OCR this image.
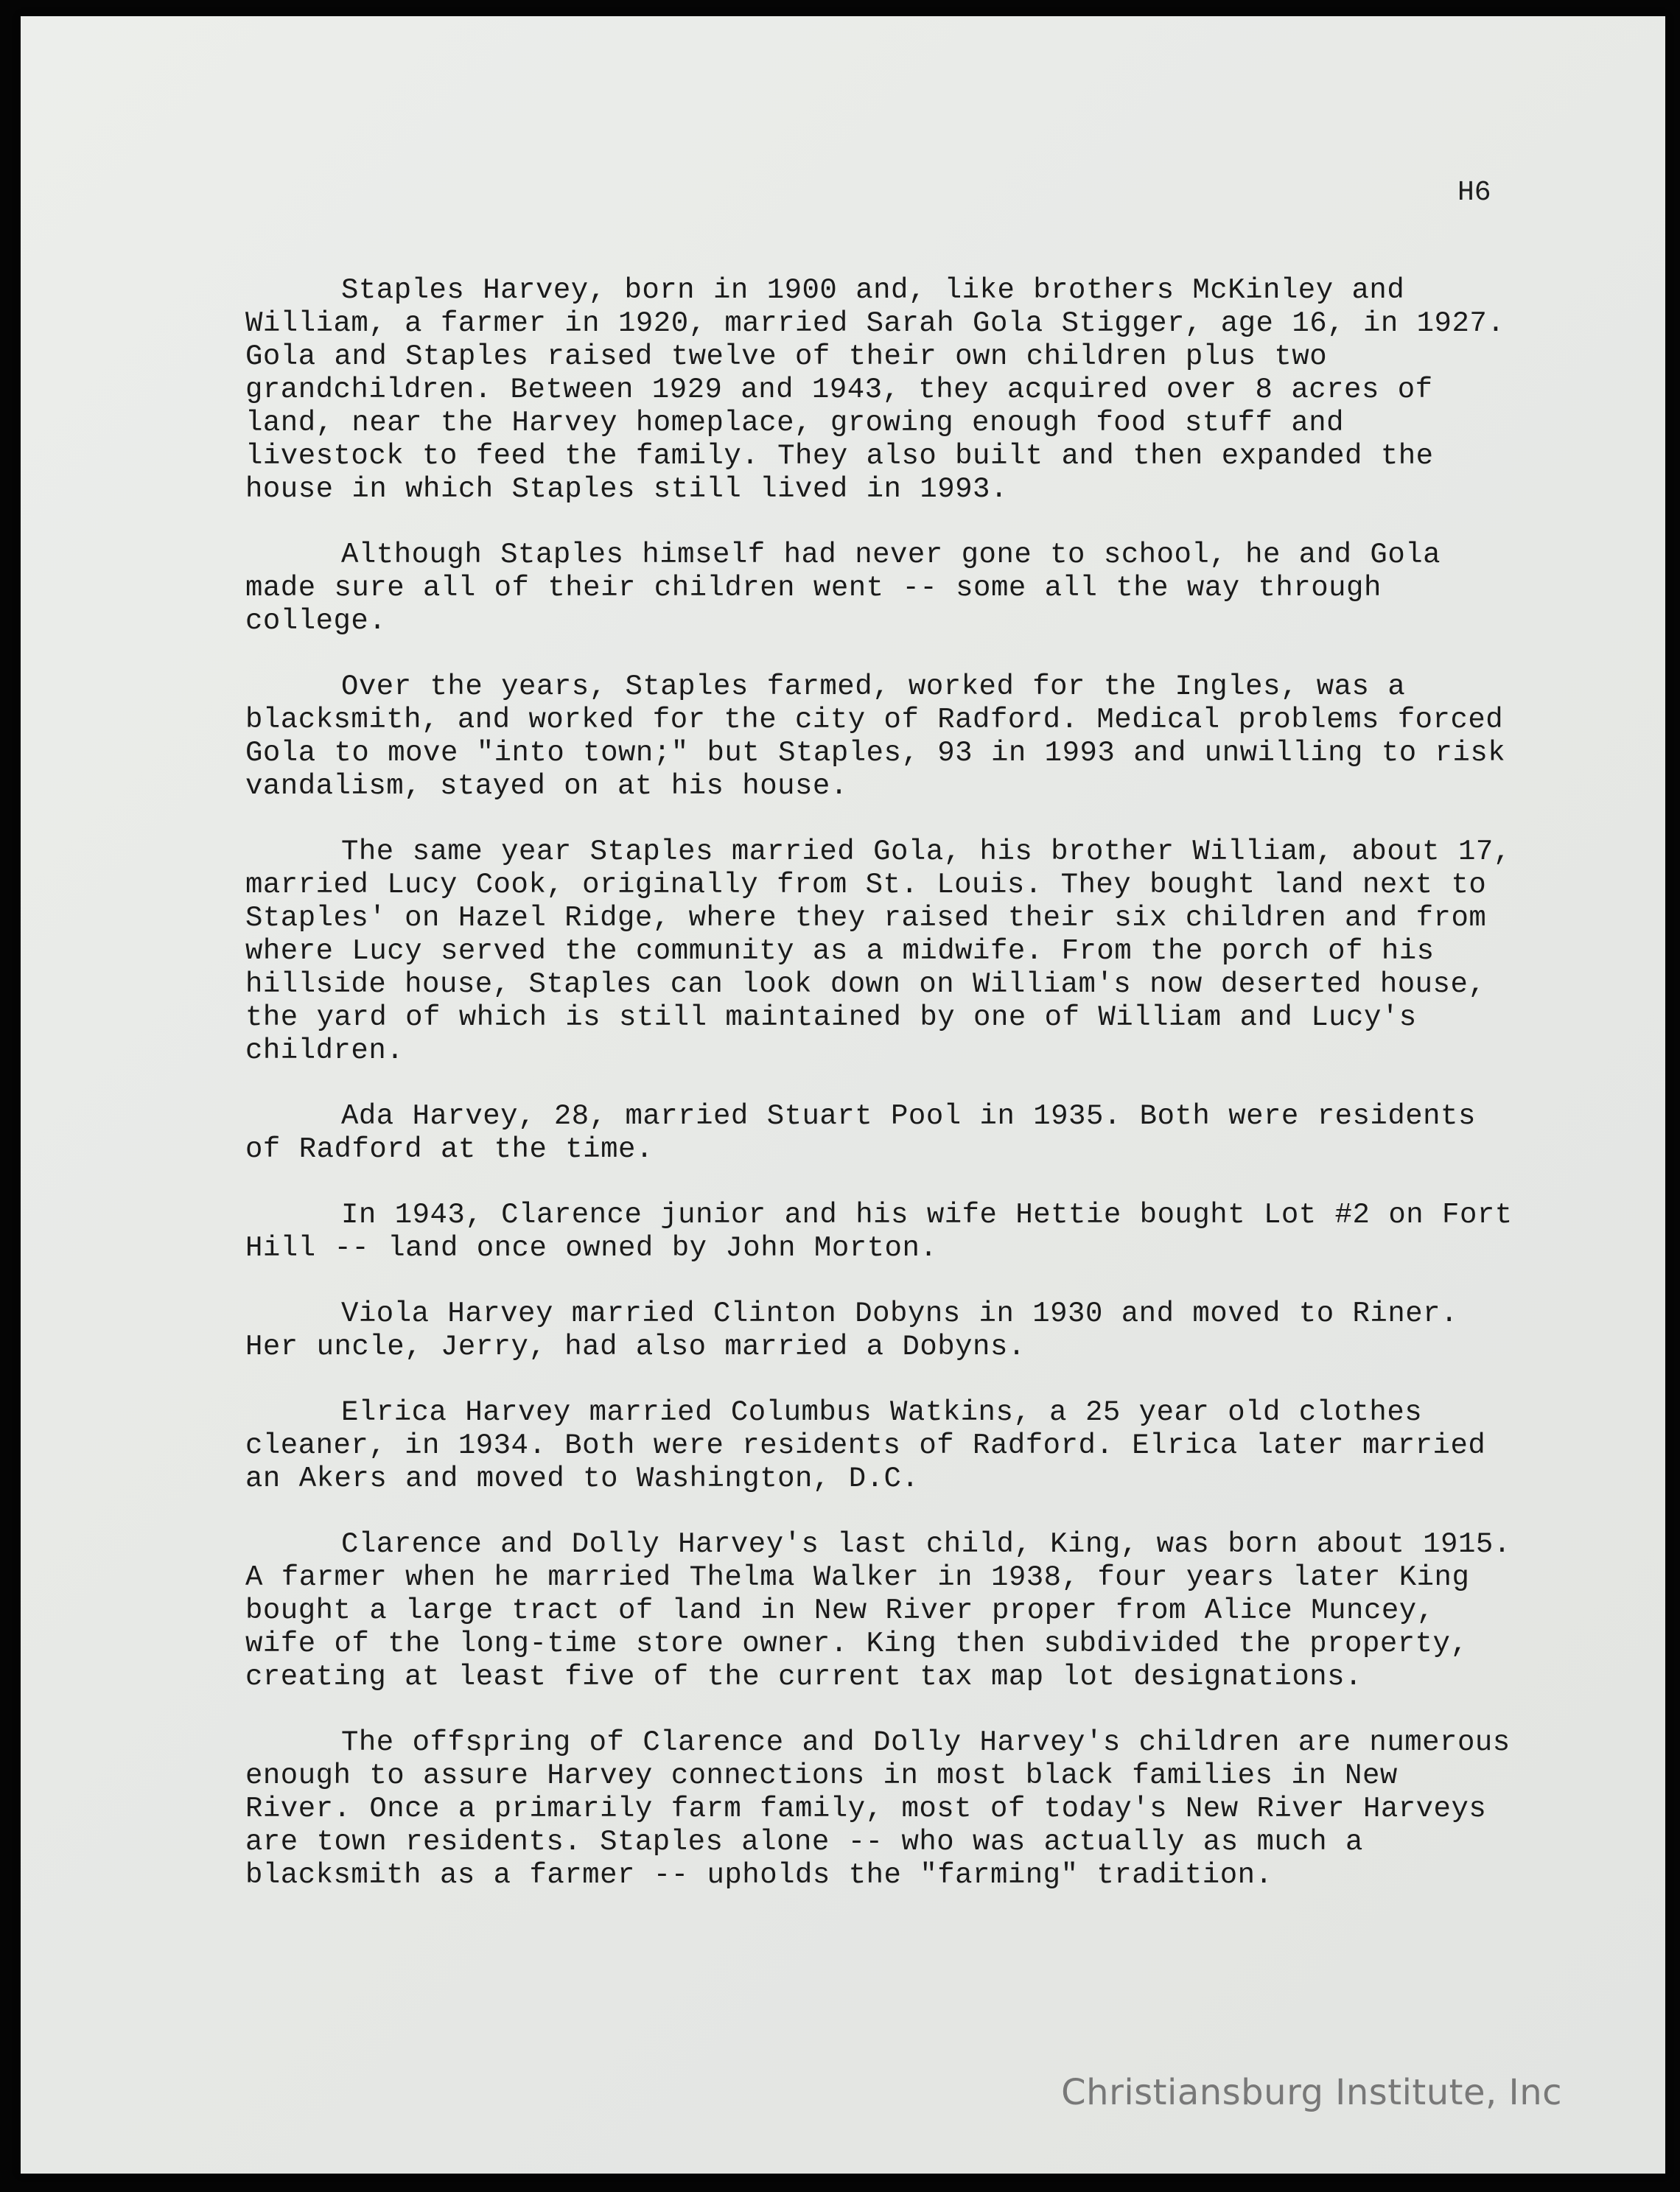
H6

Staples Harvey, born in 1900 and, like brothers McKinley and William, a farmer in 1920, married Sarah Gola Stigger, age 16, in 1927. Gola and Staples raised twelve of their own children plus two grandchildren. Between 1929 and 1943, they acquired over 8 acres of land, near the Harvey homeplace, growing enough food stuff and livestock to feed the family. They also built and then expanded the house in which Staples still lived in 1993.

Although Staples himself had never gone to school, he and Gola made sure all of their children went -- some all the way through college.

Over the years, Staples farmed, worked for the Ingles, was a blacksmith, and worked for the city of Radford. Medical problems forced Gola to move "into town;" but Staples, 93 in 1993 and unwilling to risk vandalism, stayed on at his house.

The same year Staples married Gola, his brother William, about 17, married Lucy Cook, originally from St. Louis. They bought land next to Staples' on Hazel Ridge, where they raised their six children and from where Lucy served the community as a midwife. From the porch of his hillside house, Staples can look down on William's now deserted house, the yard of which is still maintained by one of William and Lucy's children.

Ada Harvey, 28, married Stuart Pool in 1935. Both were residents of Radford at the time.

In 1943, Clarence junior and his wife Hettie bought Lot #2 on Fort Hill -- land once owned by John Morton.

Viola Harvey married Clinton Dobyns in 1930 and moved to Riner. Her uncle, Jerry, had also married a Dobyns.

Elrica Harvey married Columbus Watkins, a 25 year old clothes cleaner, in 1934. Both were residents of Radford. Elrica later married an Akers and moved to Washington, D.C.

Clarence and Dolly Harvey's last child, King, was born about 1915. A farmer when he married Thelma Walker in 1938, four years later King bought a large tract of land in New River proper from Alice Muncey, wife of the long-time store owner. King then subdivided the property, creating at least five of the current tax map lot designations.

The offspring of Clarence and Dolly Harvey's children are numerous enough to assure Harvey connections in most black families in New River. Once a primarily farm family, most of today's New River Harveys are town residents. Staples alone -- who was actually as much a blacksmith as a farmer -- upholds the "farming" tradition.

Christiansburg Institute, Inc
